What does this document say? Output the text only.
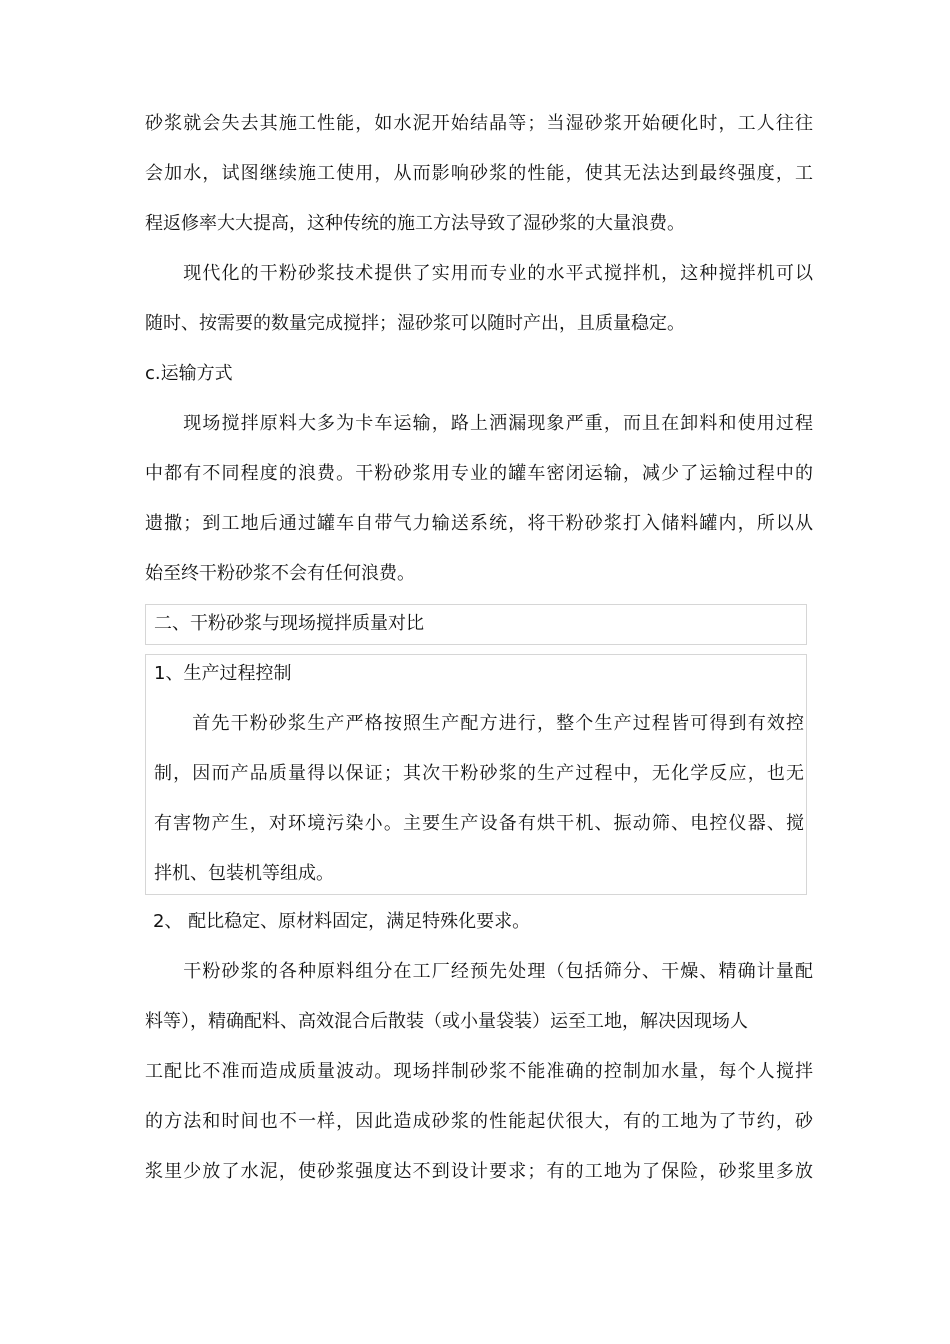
砂浆就会失去其施工性能，如水泥开始结晶等；当湿砂浆开始硬化时，工人往往
会加水，试图继续施工使用，从而影响砂浆的性能，使其无法达到最终强度，工
程返修率大大提高，这种传统的施工方法导致了湿砂浆的大量浪费。
　　现代化的干粉砂浆技术提供了实用而专业的水平式搅拌机，这种搅拌机可以
随时、按需要的数量完成搅拌；湿砂浆可以随时产出，且质量稳定。
c.运输方式
　　现场搅拌原料大多为卡车运输，路上洒漏现象严重，而且在卸料和使用过程
中都有不同程度的浪费。干粉砂浆用专业的罐车密闭运输，减少了运输过程中的
遗撒；到工地后通过罐车自带气力输送系统，将干粉砂浆打入储料罐内，所以从
始至终干粉砂浆不会有任何浪费。
二、干粉砂浆与现场搅拌质量对比
1、生产过程控制
　　首先干粉砂浆生产严格按照生产配方进行，整个生产过程皆可得到有效控
制，因而产品质量得以保证；其次干粉砂浆的生产过程中，无化学反应，也无
有害物产生，对环境污染小。主要生产设备有烘干机、振动筛、电控仪器、搅
拌机、包装机等组成。
2、 配比稳定、原材料固定，满足特殊化要求。
　　干粉砂浆的各种原料组分在工厂经预先处理（包括筛分、干燥、精确计量配
料等），精确配料、高效混合后散装（或小量袋装）运至工地，解决因现场人
工配比不准而造成质量波动。现场拌制砂浆不能准确的控制加水量，每个人搅拌
的方法和时间也不一样，因此造成砂浆的性能起伏很大，有的工地为了节约，砂
浆里少放了水泥，使砂浆强度达不到设计要求；有的工地为了保险，砂浆里多放
